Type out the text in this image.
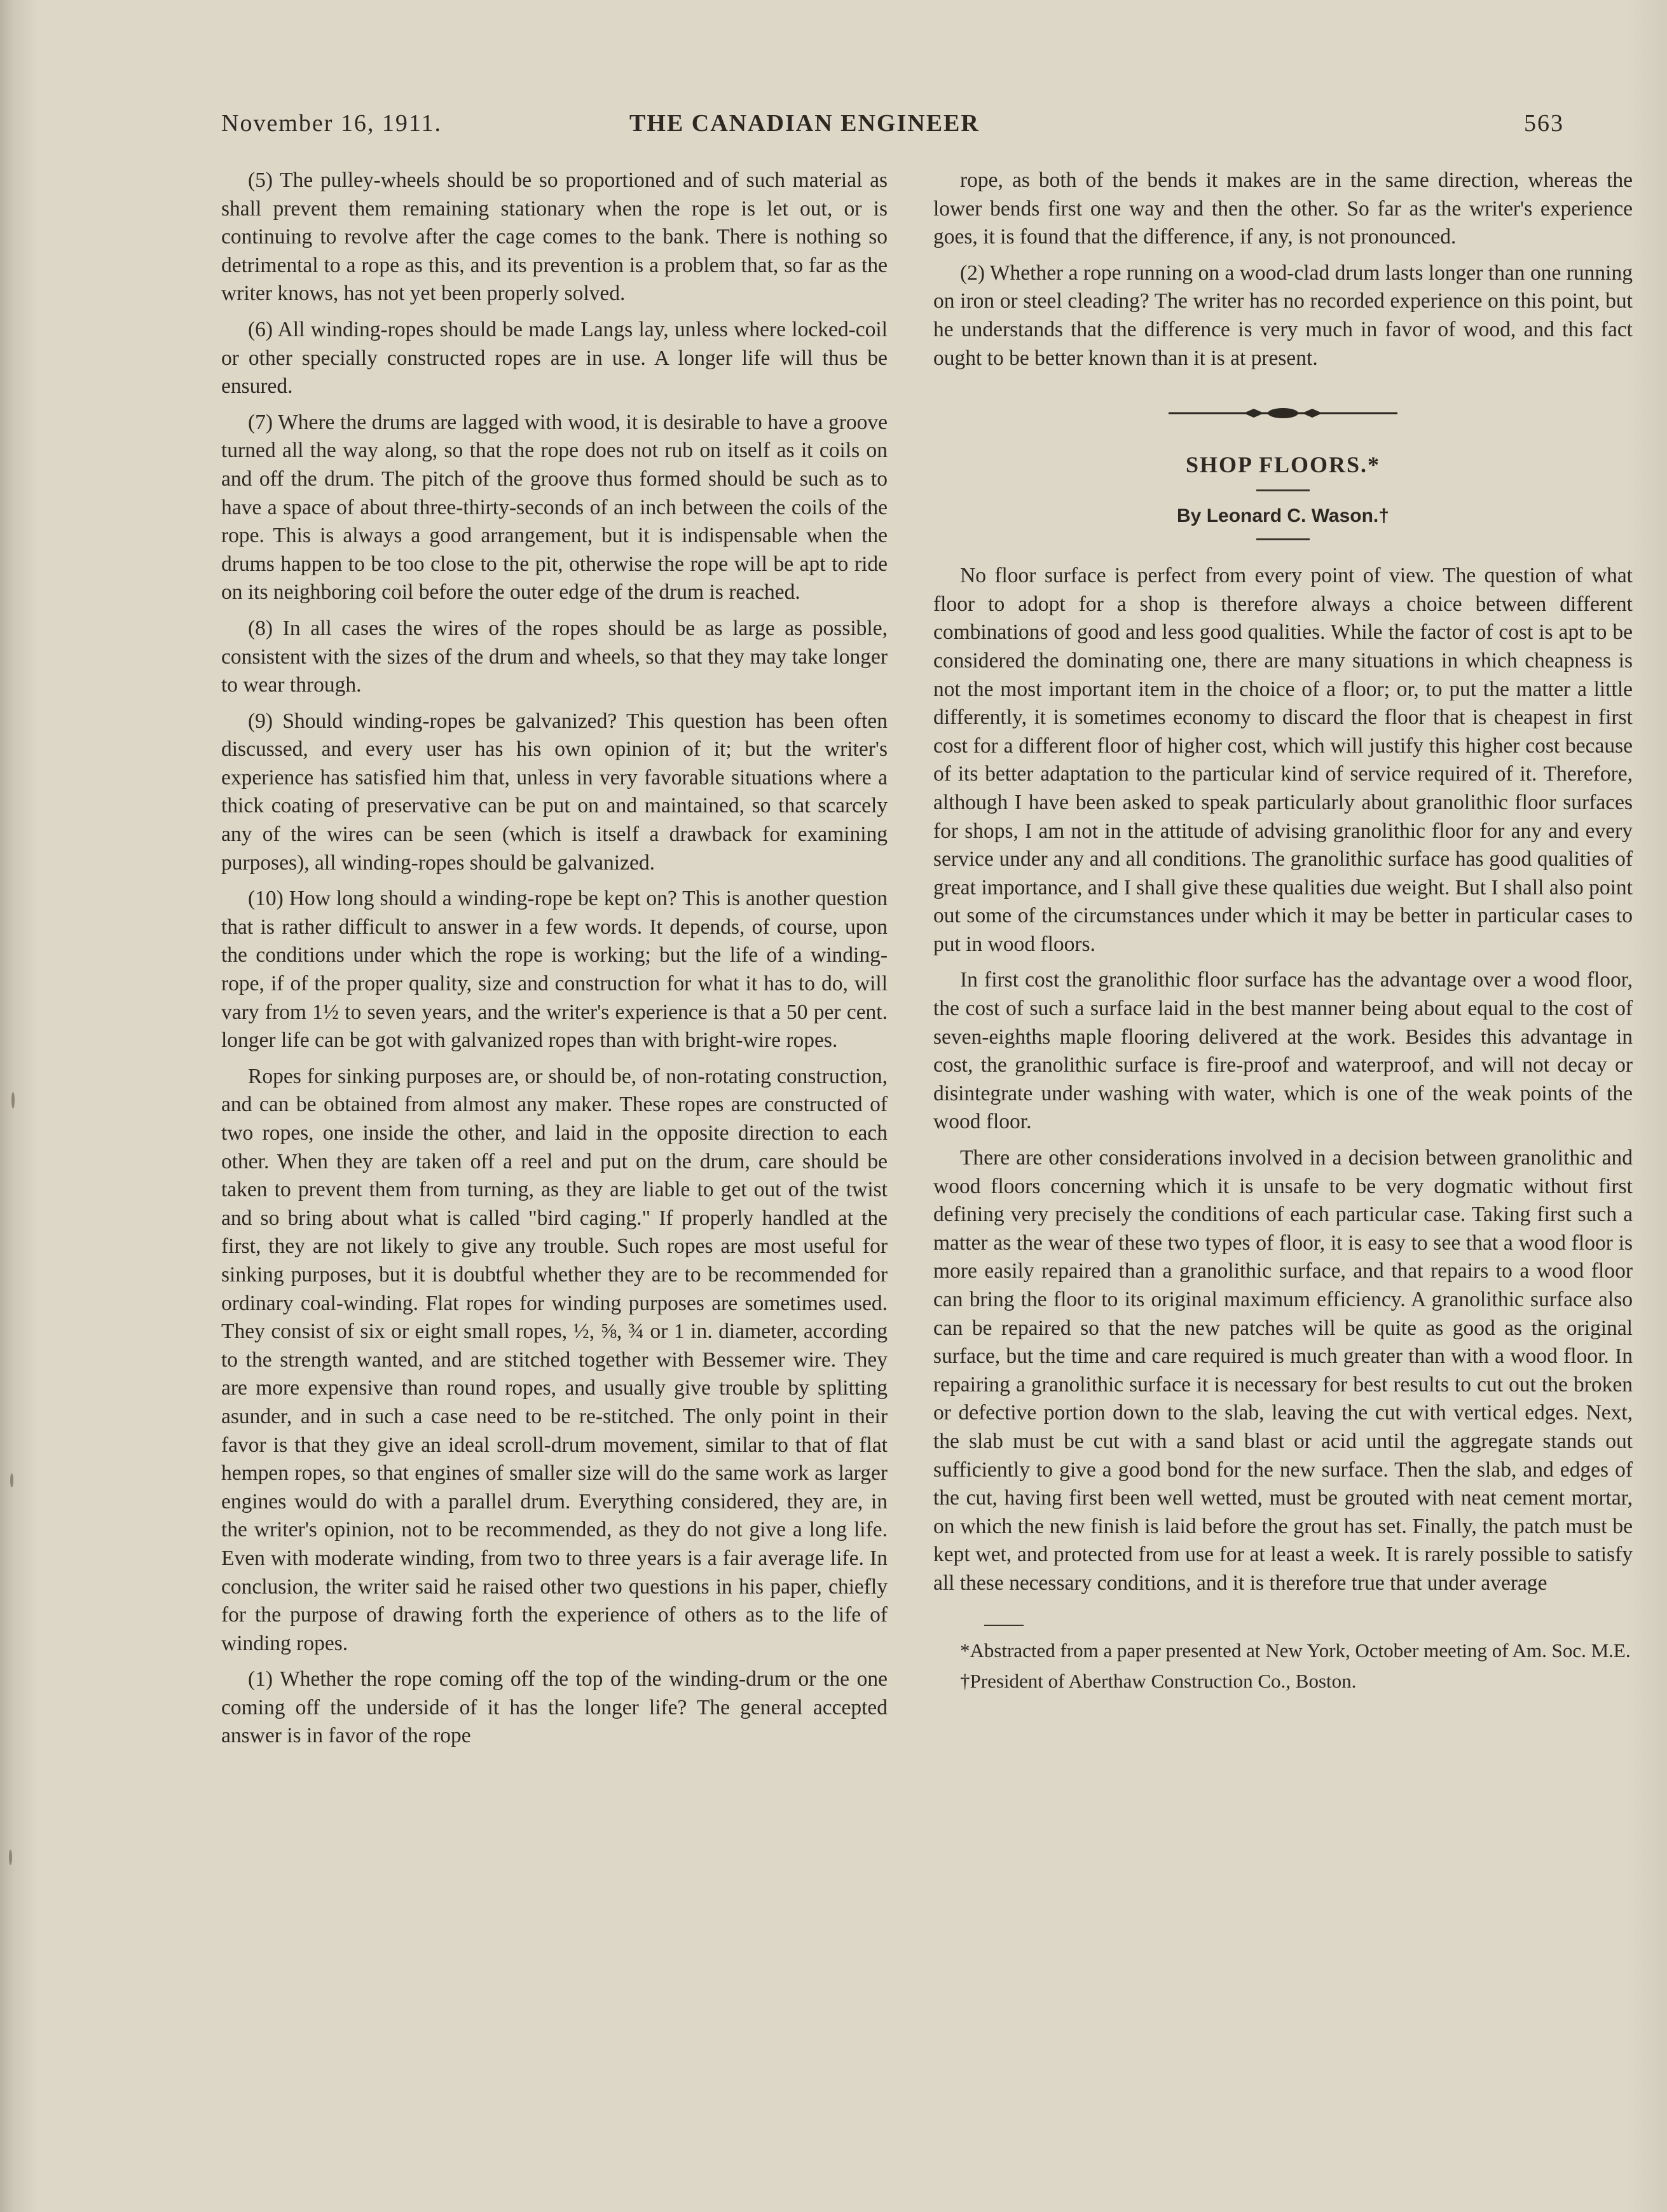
November 16, 1911.	THE CANADIAN ENGINEER	563

(5) The pulley-wheels should be so proportioned and of such material as shall prevent them remaining stationary when the rope is let out, or is continuing to revolve after the cage comes to the bank. There is nothing so detrimental to a rope as this, and its prevention is a problem that, so far as the writer knows, has not yet been properly solved.

(6) All winding-ropes should be made Langs lay, unless where locked-coil or other specially constructed ropes are in use. A longer life will thus be ensured.

(7) Where the drums are lagged with wood, it is desirable to have a groove turned all the way along, so that the rope does not rub on itself as it coils on and off the drum. The pitch of the groove thus formed should be such as to have a space of about three-thirty-seconds of an inch between the coils of the rope. This is always a good arrangement, but it is indispensable when the drums happen to be too close to the pit, otherwise the rope will be apt to ride on its neighboring coil before the outer edge of the drum is reached.

(8) In all cases the wires of the ropes should be as large as possible, consistent with the sizes of the drum and wheels, so that they may take longer to wear through.

(9) Should winding-ropes be galvanized? This question has been often discussed, and every user has his own opinion of it; but the writer's experience has satisfied him that, unless in very favorable situations where a thick coating of preservative can be put on and maintained, so that scarcely any of the wires can be seen (which is itself a drawback for examining purposes), all winding-ropes should be galvanized.

(10) How long should a winding-rope be kept on? This is another question that is rather difficult to answer in a few words. It depends, of course, upon the conditions under which the rope is working; but the life of a winding-rope, if of the proper quality, size and construction for what it has to do, will vary from 1½ to seven years, and the writer's experience is that a 50 per cent. longer life can be got with galvanized ropes than with bright-wire ropes.

Ropes for sinking purposes are, or should be, of non-rotating construction, and can be obtained from almost any maker. These ropes are constructed of two ropes, one inside the other, and laid in the opposite direction to each other. When they are taken off a reel and put on the drum, care should be taken to prevent them from turning, as they are liable to get out of the twist and so bring about what is called "bird caging." If properly handled at the first, they are not likely to give any trouble. Such ropes are most useful for sinking purposes, but it is doubtful whether they are to be recommended for ordinary coal-winding. Flat ropes for winding purposes are sometimes used. They consist of six or eight small ropes, ½, ⅝, ¾ or 1 in. diameter, according to the strength wanted, and are stitched together with Bessemer wire. They are more expensive than round ropes, and usually give trouble by splitting asunder, and in such a case need to be re-stitched. The only point in their favor is that they give an ideal scroll-drum movement, similar to that of flat hempen ropes, so that engines of smaller size will do the same work as larger engines would do with a parallel drum. Everything considered, they are, in the writer's opinion, not to be recommended, as they do not give a long life. Even with moderate winding, from two to three years is a fair average life. In conclusion, the writer said he raised other two questions in his paper, chiefly for the purpose of drawing forth the experience of others as to the life of winding ropes.

(1) Whether the rope coming off the top of the winding-drum or the one coming off the underside of it has the longer life? The general accepted answer is in favor of the rope

rope, as both of the bends it makes are in the same direction, whereas the lower bends first one way and then the other. So far as the writer's experience goes, it is found that the difference, if any, is not pronounced.

(2) Whether a rope running on a wood-clad drum lasts longer than one running on iron or steel cleading? The writer has no recorded experience on this point, but he understands that the difference is very much in favor of wood, and this fact ought to be better known than it is at present.

SHOP FLOORS.*
By Leonard C. Wason.†

No floor surface is perfect from every point of view. The question of what floor to adopt for a shop is therefore always a choice between different combinations of good and less good qualities. While the factor of cost is apt to be considered the dominating one, there are many situations in which cheapness is not the most important item in the choice of a floor; or, to put the matter a little differently, it is sometimes economy to discard the floor that is cheapest in first cost for a different floor of higher cost, which will justify this higher cost because of its better adaptation to the particular kind of service required of it. Therefore, although I have been asked to speak particularly about granolithic floor surfaces for shops, I am not in the attitude of advising granolithic floor for any and every service under any and all conditions. The granolithic surface has good qualities of great importance, and I shall give these qualities due weight. But I shall also point out some of the circumstances under which it may be better in particular cases to put in wood floors.

In first cost the granolithic floor surface has the advantage over a wood floor, the cost of such a surface laid in the best manner being about equal to the cost of seven-eighths maple flooring delivered at the work. Besides this advantage in cost, the granolithic surface is fire-proof and waterproof, and will not decay or disintegrate under washing with water, which is one of the weak points of the wood floor.

There are other considerations involved in a decision between granolithic and wood floors concerning which it is unsafe to be very dogmatic without first defining very precisely the conditions of each particular case. Taking first such a matter as the wear of these two types of floor, it is easy to see that a wood floor is more easily repaired than a granolithic surface, and that repairs to a wood floor can bring the floor to its original maximum efficiency. A granolithic surface also can be repaired so that the new patches will be quite as good as the original surface, but the time and care required is much greater than with a wood floor. In repairing a granolithic surface it is necessary for best results to cut out the broken or defective portion down to the slab, leaving the cut with vertical edges. Next, the slab must be cut with a sand blast or acid until the aggregate stands out sufficiently to give a good bond for the new surface. Then the slab, and edges of the cut, having first been well wetted, must be grouted with neat cement mortar, on which the new finish is laid before the grout has set. Finally, the patch must be kept wet, and protected from use for at least a week. It is rarely possible to satisfy all these necessary conditions, and it is therefore true that under average

*Abstracted from a paper presented at New York, October meeting of Am. Soc. M.E.

†President of Aberthaw Construction Co., Boston.
